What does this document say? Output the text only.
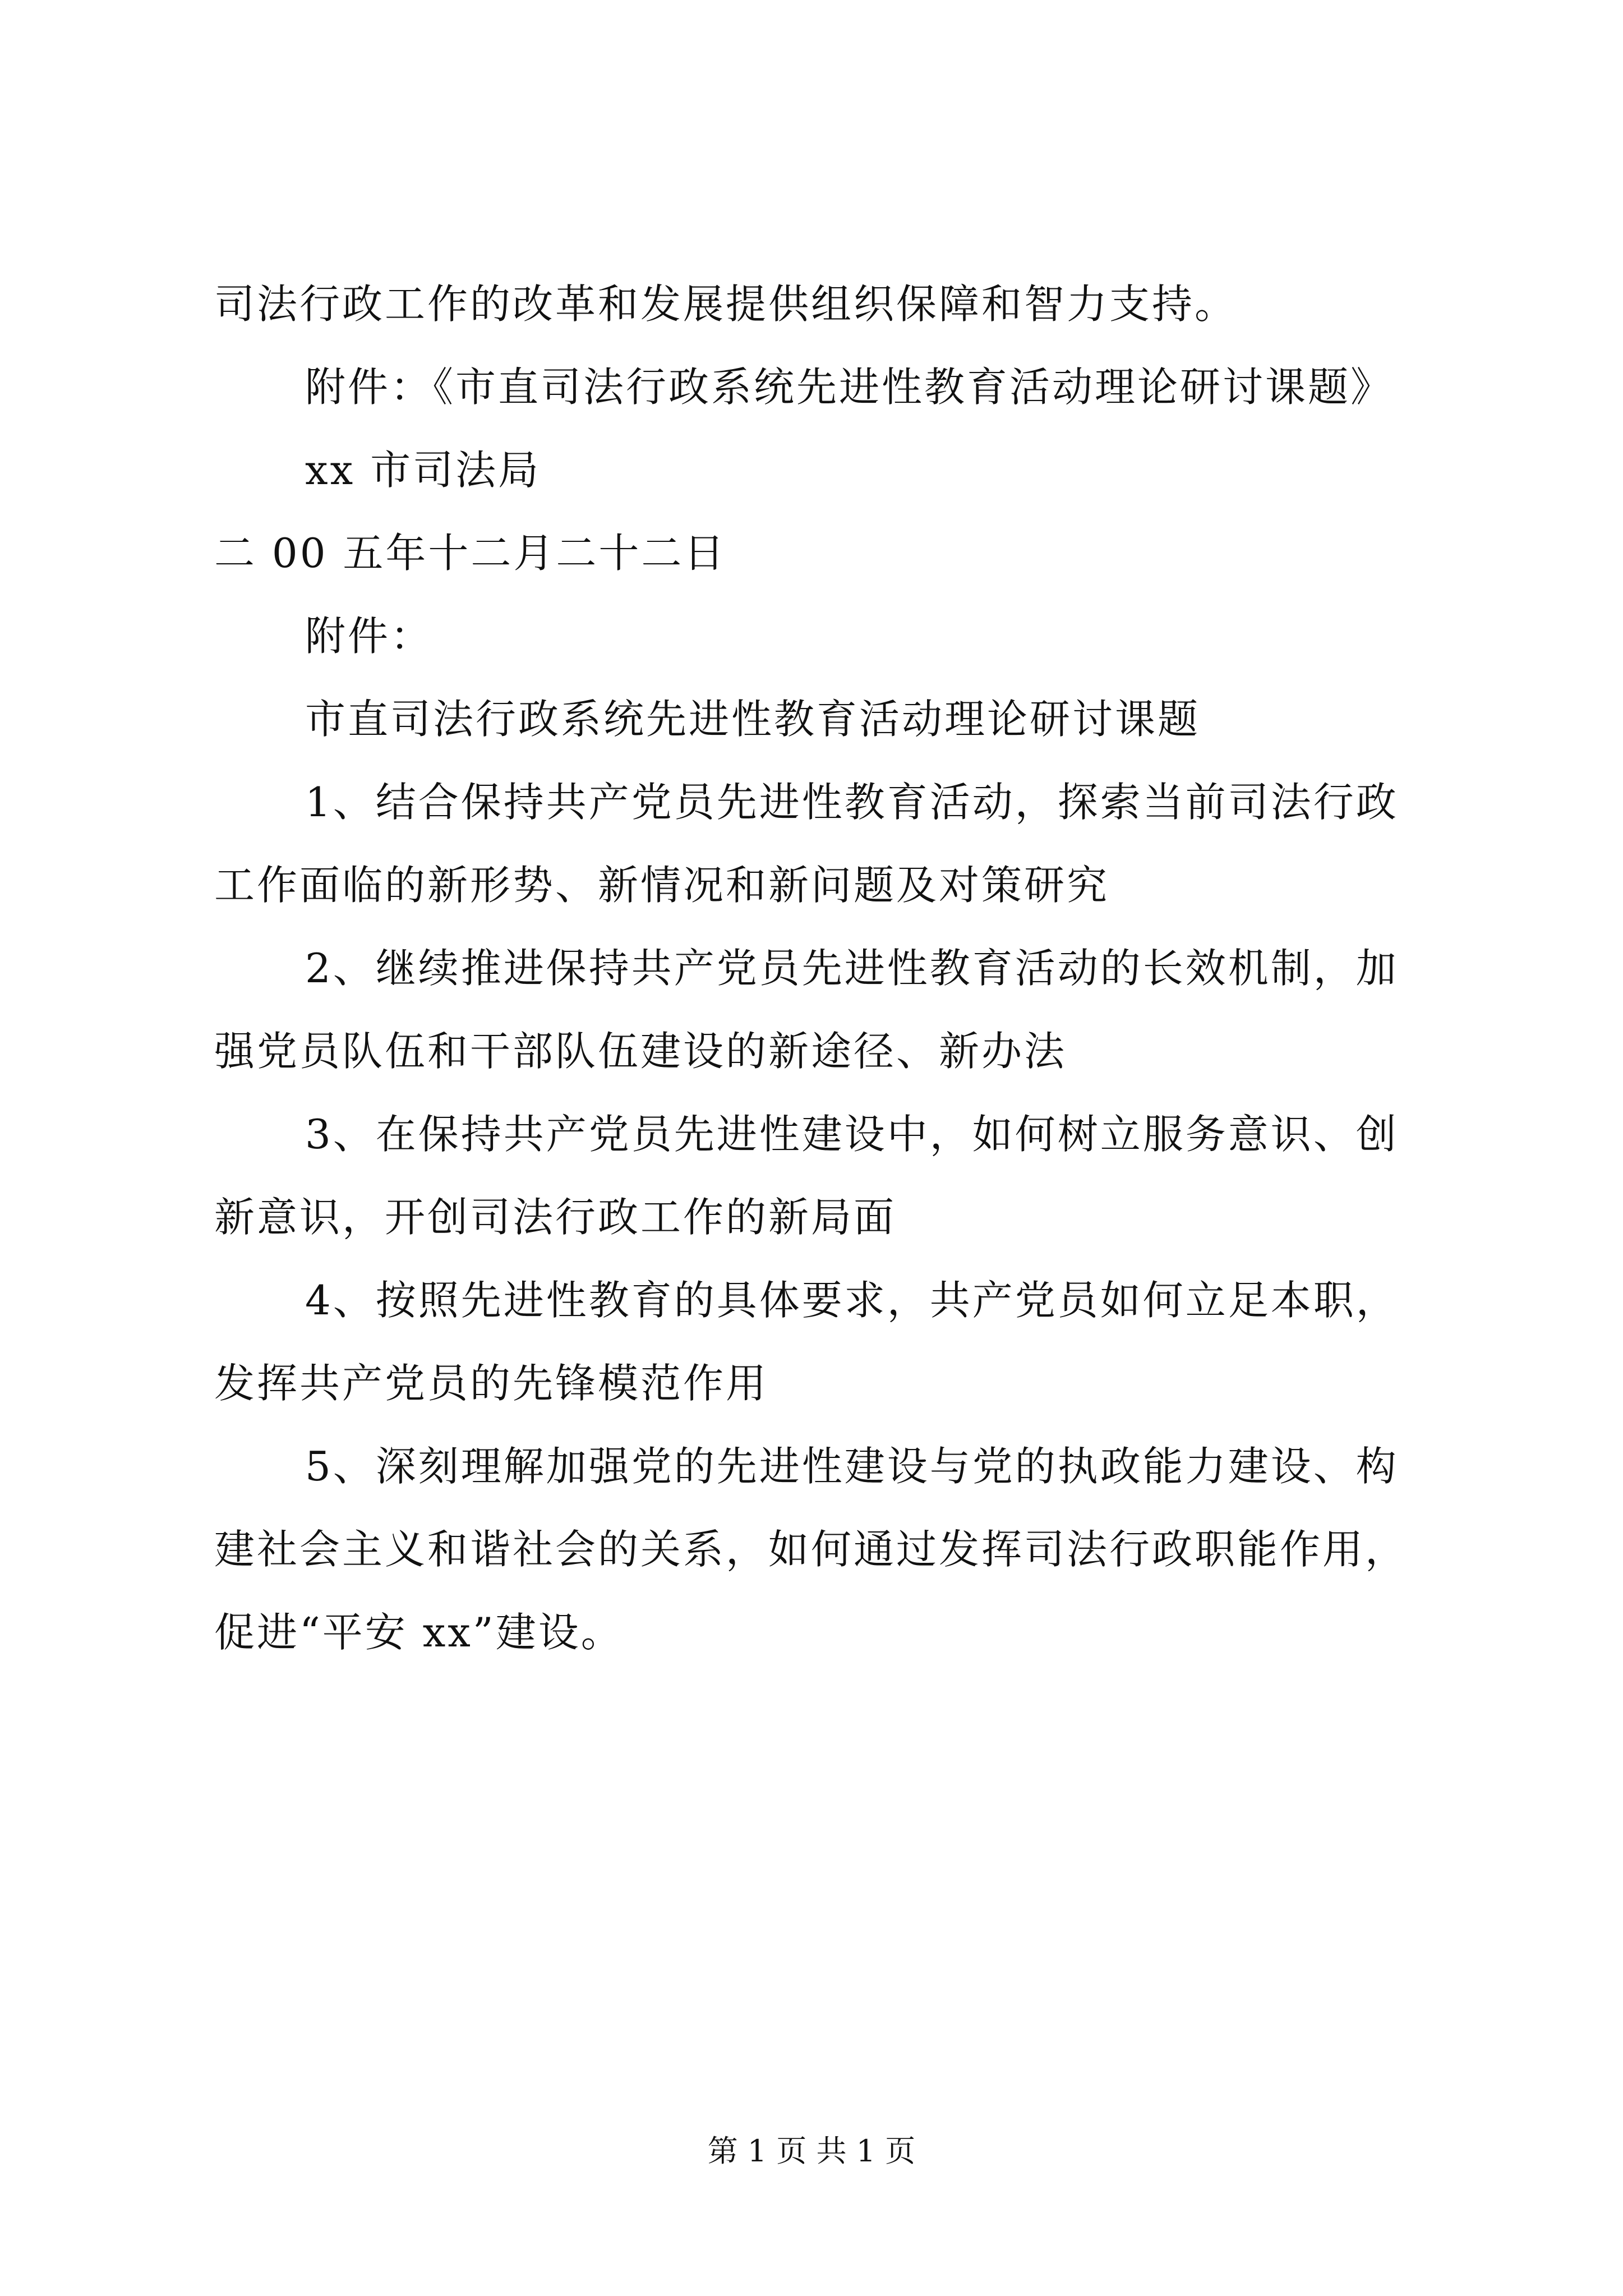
司法行政工作的改革和发展提供组织保障和智力支持。

附件：《市直司法行政系统先进性教育活动理论研讨课题》

xx 市司法局

二 00 五年十二月二十二日

附件：

市直司法行政系统先进性教育活动理论研讨课题

1、结合保持共产党员先进性教育活动，探索当前司法行政

工作面临的新形势、新情况和新问题及对策研究

2、继续推进保持共产党员先进性教育活动的长效机制，加

强党员队伍和干部队伍建设的新途径、新办法

3、在保持共产党员先进性建设中，如何树立服务意识、创

新意识，开创司法行政工作的新局面

4、按照先进性教育的具体要求，共产党员如何立足本职，

发挥共产党员的先锋模范作用

5、深刻理解加强党的先进性建设与党的执政能力建设、构

建社会主义和谐社会的关系，如何通过发挥司法行政职能作用，

促进“平安 xx”建设。

第 1 页 共 1 页
